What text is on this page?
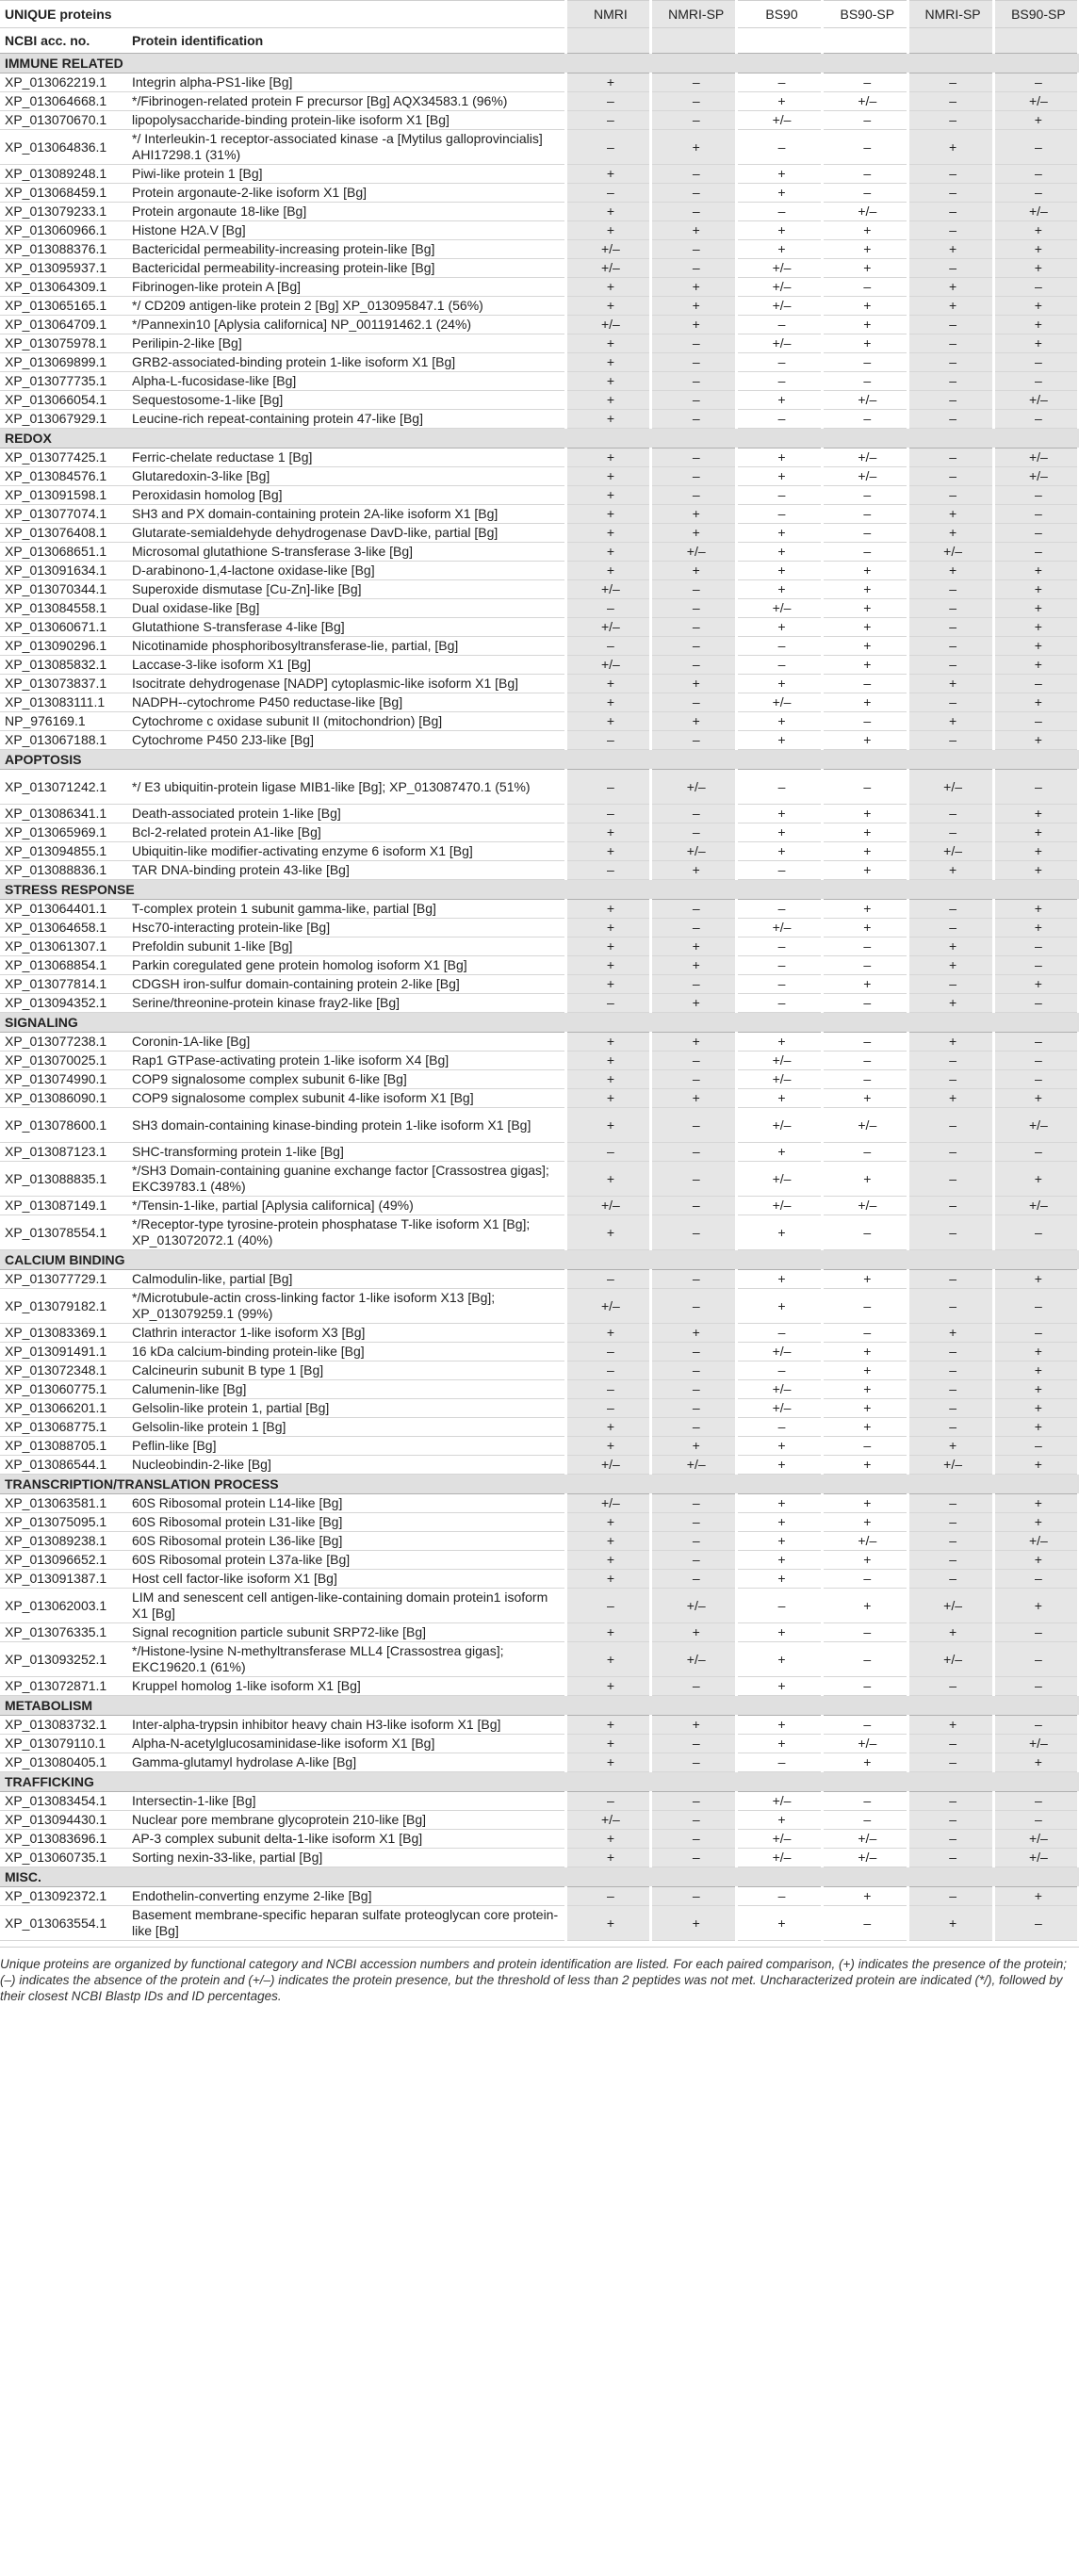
UNIQUE proteins		NMRI	NMRI-SP	BS90	BS90-SP	NMRI-SP	BS90-SP
NCBI acc. no.	Protein identification						
IMMUNE RELATED							
XP_013062219.1	Integrin alpha-PS1-like [Bg]	+	–	–	–	–	–
XP_013064668.1	*/Fibrinogen-related protein F precursor [Bg] AQX34583.1 (96%)	–	–	+	+/–	–	+/–
XP_013070670.1	lipopolysaccharide-binding protein-like isoform X1 [Bg]	–	–	+/–	–	–	+
XP_013064836.1	*/ Interleukin-1 receptor-associated kinase -a [Mytilus galloprovincialis] AHI17298.1 (31%)	–	+	–	–	+	–
XP_013089248.1	Piwi-like protein 1 [Bg]	+	–	+	–	–	–
XP_013068459.1	Protein argonaute-2-like isoform X1 [Bg]	–	–	+	–	–	–
XP_013079233.1	Protein argonaute 18-like [Bg]	+	–	–	+/–	–	+/–
XP_013060966.1	Histone H2A.V [Bg]	+	+	+	+	–	+
XP_013088376.1	Bactericidal permeability-increasing protein-like [Bg]	+/–	–	+	+	+	+
XP_013095937.1	Bactericidal permeability-increasing protein-like [Bg]	+/–	–	+/–	+	–	+
XP_013064309.1	Fibrinogen-like protein A [Bg]	+	+	+/–	–	+	–
XP_013065165.1	*/ CD209 antigen-like protein 2 [Bg] XP_013095847.1 (56%)	+	+	+/–	+	+	+
XP_013064709.1	*/Pannexin10 [Aplysia californica] NP_001191462.1 (24%)	+/–	+	–	+	–	+
XP_013075978.1	Perilipin-2-like [Bg]	+	–	+/–	+	–	+
XP_013069899.1	GRB2-associated-binding protein 1-like isoform X1 [Bg]	+	–	–	–	–	–
XP_013077735.1	Alpha-L-fucosidase-like [Bg]	+	–	–	–	–	–
XP_013066054.1	Sequestosome-1-like [Bg]	+	–	+	+/–	–	+/–
XP_013067929.1	Leucine-rich repeat-containing protein 47-like [Bg]	+	–	–	–	–	–
REDOX							
XP_013077425.1	Ferric-chelate reductase 1 [Bg]	+	–	+	+/–	–	+/–
XP_013084576.1	Glutaredoxin-3-like [Bg]	+	–	+	+/–	–	+/–
XP_013091598.1	Peroxidasin homolog [Bg]	+	–	–	–	–	–
XP_013077074.1	SH3 and PX domain-containing protein 2A-like isoform X1 [Bg]	+	+	–	–	+	–
XP_013076408.1	Glutarate-semialdehyde dehydrogenase DavD-like, partial [Bg]	+	+	+	–	+	–
XP_013068651.1	Microsomal glutathione S-transferase 3-like [Bg]	+	+/–	+	–	+/–	–
XP_013091634.1	D-arabinono-1,4-lactone oxidase-like [Bg]	+	+	+	+	+	+
XP_013070344.1	Superoxide dismutase [Cu-Zn]-like [Bg]	+/–	–	+	+	–	+
XP_013084558.1	Dual oxidase-like [Bg]	–	–	+/–	+	–	+
XP_013060671.1	Glutathione S-transferase 4-like [Bg]	+/–	–	+	+	–	+
XP_013090296.1	Nicotinamide phosphoribosyltransferase-lie, partial, [Bg]	–	–	–	+	–	+
XP_013085832.1	Laccase-3-like isoform X1 [Bg]	+/–	–	–	+	–	+
XP_013073837.1	Isocitrate dehydrogenase [NADP] cytoplasmic-like isoform X1 [Bg]	+	+	+	–	+	–
XP_013083111.1	NADPH--cytochrome P450 reductase-like [Bg]	+	–	+/–	+	–	+
NP_976169.1	Cytochrome c oxidase subunit II (mitochondrion) [Bg]	+	+	+	–	+	–
XP_013067188.1	Cytochrome P450 2J3-like [Bg]	–	–	+	+	–	+
APOPTOSIS							
XP_013071242.1	*/ E3 ubiquitin-protein ligase MIB1-like [Bg]; XP_013087470.1 (51%)	–	+/–	–	–	+/–	–
XP_013086341.1	Death-associated protein 1-like [Bg]	–	–	+	+	–	+
XP_013065969.1	Bcl-2-related protein A1-like [Bg]	+	–	+	+	–	+
XP_013094855.1	Ubiquitin-like modifier-activating enzyme 6 isoform X1 [Bg]	+	+/–	+	+	+/–	+
XP_013088836.1	TAR DNA-binding protein 43-like [Bg]	–	+	–	+	+	+
STRESS RESPONSE							
XP_013064401.1	T-complex protein 1 subunit gamma-like, partial [Bg]	+	–	–	+	–	+
XP_013064658.1	Hsc70-interacting protein-like [Bg]	+	–	+/–	+	–	+
XP_013061307.1	Prefoldin subunit 1-like [Bg]	+	+	–	–	+	–
XP_013068854.1	Parkin coregulated gene protein homolog isoform X1 [Bg]	+	+	–	–	+	–
XP_013077814.1	CDGSH iron-sulfur domain-containing protein 2-like [Bg]	+	–	–	+	–	+
XP_013094352.1	Serine/threonine-protein kinase fray2-like [Bg]	–	+	–	–	+	–
SIGNALING							
XP_013077238.1	Coronin-1A-like [Bg]	+	+	+	–	+	–
XP_013070025.1	Rap1 GTPase-activating protein 1-like isoform X4 [Bg]	+	–	+/–	–	–	–
XP_013074990.1	COP9 signalosome complex subunit 6-like [Bg]	+	–	+/–	–	–	–
XP_013086090.1	COP9 signalosome complex subunit 4-like isoform X1 [Bg]	+	+	+	+	+	+
XP_013078600.1	SH3 domain-containing kinase-binding protein 1-like isoform X1 [Bg]	+	–	+/–	+/–	–	+/–
XP_013087123.1	SHC-transforming protein 1-like [Bg]	–	–	+	–	–	–
XP_013088835.1	*/SH3 Domain-containing guanine exchange factor [Crassostrea gigas]; EKC39783.1 (48%)	+	–	+/–	+	–	+
XP_013087149.1	*/Tensin-1-like, partial [Aplysia californica] (49%)	+/–	–	+/–	+/–	–	+/–
XP_013078554.1	*/Receptor-type tyrosine-protein phosphatase T-like isoform X1 [Bg]; XP_013072072.1 (40%)	+	–	+	–	–	–
CALCIUM BINDING							
XP_013077729.1	Calmodulin-like, partial [Bg]	–	–	+	+	–	+
XP_013079182.1	*/Microtubule-actin cross-linking factor 1-like isoform X13 [Bg]; XP_013079259.1 (99%)	+/–	–	+	–	–	–
XP_013083369.1	Clathrin interactor 1-like isoform X3 [Bg]	+	+	–	–	+	–
XP_013091491.1	16 kDa calcium-binding protein-like [Bg]	–	–	+/–	+	–	+
XP_013072348.1	Calcineurin subunit B type 1 [Bg]	–	–	–	+	–	+
XP_013060775.1	Calumenin-like [Bg]	–	–	+/–	+	–	+
XP_013066201.1	Gelsolin-like protein 1, partial [Bg]	–	–	+/–	+	–	+
XP_013068775.1	Gelsolin-like protein 1 [Bg]	+	–	–	+	–	+
XP_013088705.1	Peflin-like [Bg]	+	+	+	–	+	–
XP_013086544.1	Nucleobindin-2-like [Bg]	+/–	+/–	+	+	+/–	+
TRANSCRIPTION/TRANSLATION PROCESS							
XP_013063581.1	60S Ribosomal protein L14-like [Bg]	+/–	–	+	+	–	+
XP_013075095.1	60S Ribosomal protein L31-like [Bg]	+	–	+	+	–	+
XP_013089238.1	60S Ribosomal protein L36-like [Bg]	+	–	+	+/–	–	+/–
XP_013096652.1	60S Ribosomal protein L37a-like [Bg]	+	–	+	+	–	+
XP_013091387.1	Host cell factor-like isoform X1 [Bg]	+	–	+	–	–	–
XP_013062003.1	LIM and senescent cell antigen-like-containing domain protein1 isoform X1 [Bg]	–	+/–	–	+	+/–	+
XP_013076335.1	Signal recognition particle subunit SRP72-like [Bg]	+	+	+	–	+	–
XP_013093252.1	*/Histone-lysine N-methyltransferase MLL4 [Crassostrea gigas]; EKC19620.1 (61%)	+	+/–	+	–	+/–	–
XP_013072871.1	Kruppel homolog 1-like isoform X1 [Bg]	+	–	+	–	–	–
METABOLISM							
XP_013083732.1	Inter-alpha-trypsin inhibitor heavy chain H3-like isoform X1 [Bg]	+	+	+	–	+	–
XP_013079110.1	Alpha-N-acetylglucosaminidase-like isoform X1 [Bg]	+	–	+	+/–	–	+/–
XP_013080405.1	Gamma-glutamyl hydrolase A-like [Bg]	+	–	–	+	–	+
TRAFFICKING							
XP_013083454.1	Intersectin-1-like [Bg]	–	–	+/–	–	–	–
XP_013094430.1	Nuclear pore membrane glycoprotein 210-like [Bg]	+/–	–	+	–	–	–
XP_013083696.1	AP-3 complex subunit delta-1-like isoform X1 [Bg]	+	–	+/–	+/–	–	+/–
XP_013060735.1	Sorting nexin-33-like, partial [Bg]	+	–	+/–	+/–	–	+/–
MISC.							
XP_013092372.1	Endothelin-converting enzyme 2-like [Bg]	–	–	–	+	–	+
XP_013063554.1	Basement membrane-specific heparan sulfate proteoglycan core protein-like [Bg]	+	+	+	–	+	–
Unique proteins are organized by functional category and NCBI accession numbers and protein identification are listed. For each paired comparison, (+) indicates the presence of the protein; (–) indicates the absence of the protein and (+/–) indicates the protein presence, but the threshold of less than 2 peptides was not met. Uncharacterized protein are indicated (*/), followed by their closest NCBI Blastp IDs and ID percentages.
